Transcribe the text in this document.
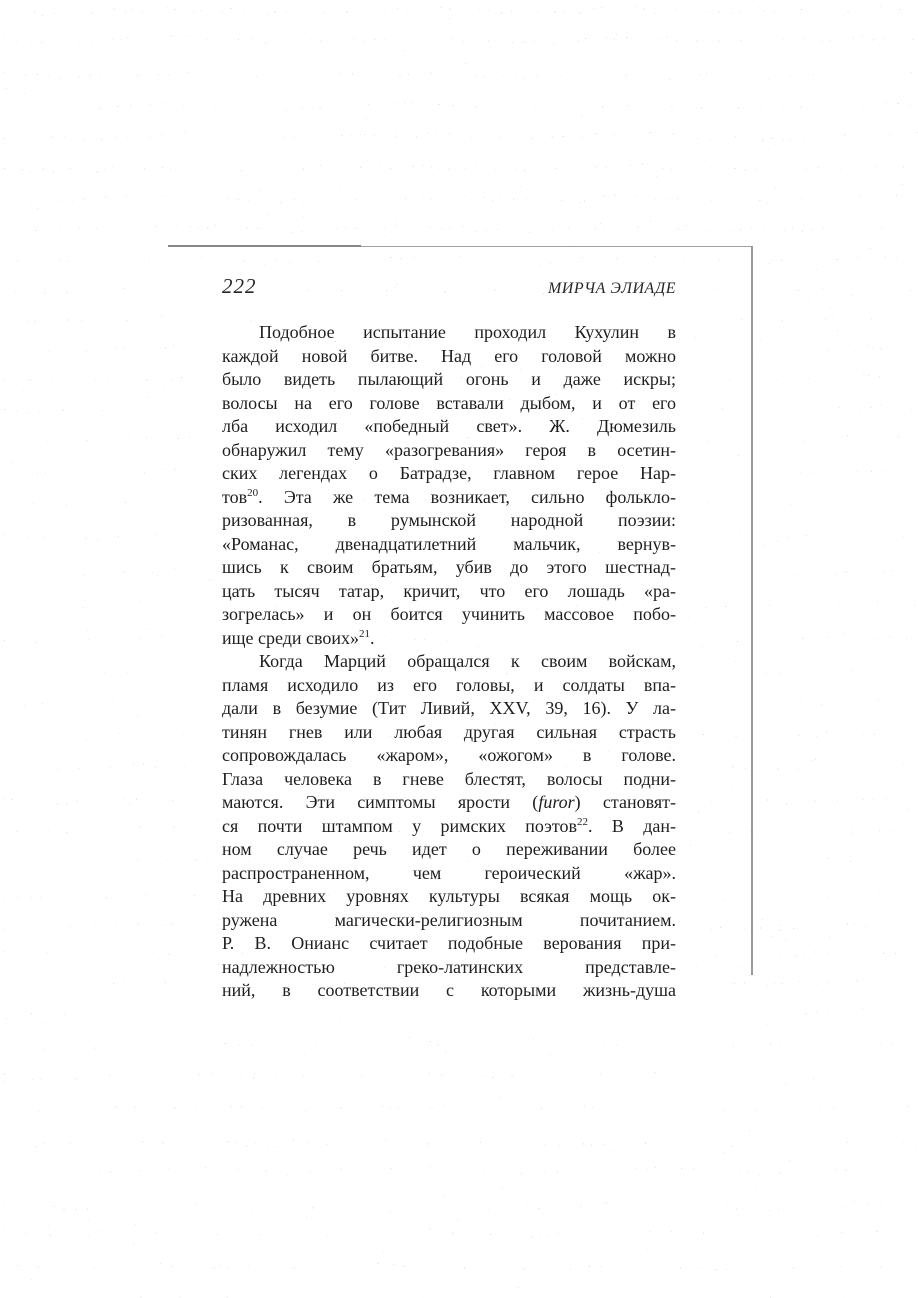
222	МИРЧА ЭЛИАДЕ
Подобное испытание проходил Кухулин в
каждой новой битве. Над его головой можно
было видеть пылающий огонь и даже искры;
волосы на его голове вставали дыбом, и от его
лба исходил «победный свет». Ж. Дюмезиль
обнаружил тему «разогревания» героя в осетин-
ских легендах о Батрадзе, главном герое Нар-
тов$^{20}$. Эта же тема возникает, сильно фолькло-
ризованная, в румынской народной поэзии:
«Романас, двенадцатилетний мальчик, вернув-
шись к своим братьям, убив до этого шестнад-
цать тысяч татар, кричит, что его лошадь «ра-
зогрелась» и он боится учинить массовое побо-
ище среди своих»$^{21}$.
Когда Марций обращался к своим войскам,
пламя исходило из его головы, и солдаты впа-
дали в безумие (Тит Ливий, XXV, 39, 16). У ла-
тинян гнев или любая другая сильная страсть
сопровождалась «жаром», «ожогом» в голове.
Глаза человека в гневе блестят, волосы подни-
маются. Эти симптомы ярости (furor) становят-
ся почти штампом у римских поэтов$^{22}$. В дан-
ном случае речь идет о переживании более
распространенном, чем героический «жар».
На древних уровнях культуры всякая мощь ок-
ружена магически-религиозным почитанием.
Р. В. Онианс считает подобные верования при-
надлежностью греко-латинских представле-
ний, в соответствии с которыми жизнь-душа
